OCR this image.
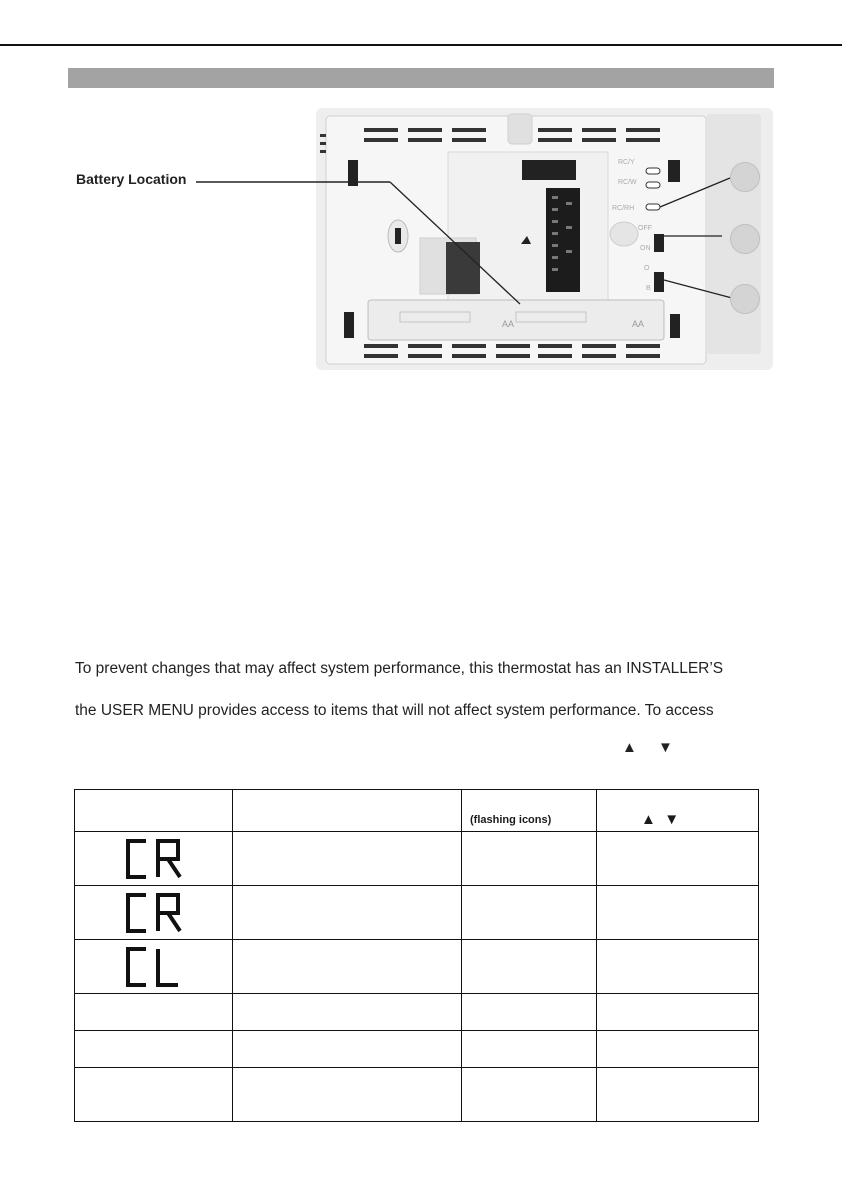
AA	AA
RC/Y
RC/W
RC/RH
OFF
ON
O
B
Battery Location
To prevent changes that may affect system performance, this thermostat has an INSTALLER’S
the USER MENU provides access to items that will not affect system performance. To access
▲ ▼

		(flashing icons)	▲ ▼
